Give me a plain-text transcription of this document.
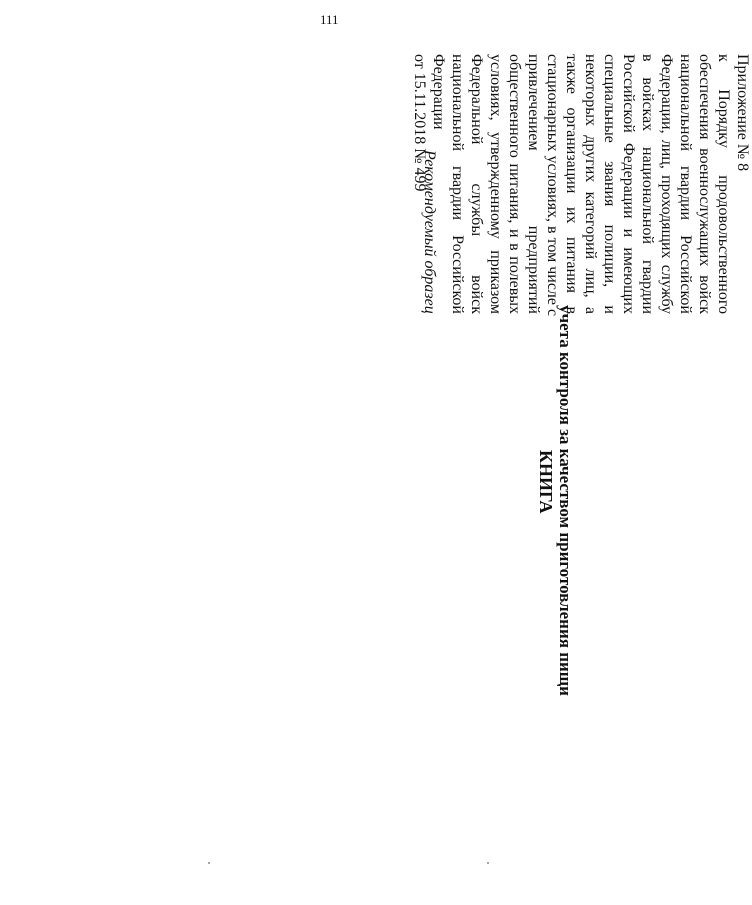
111
Приложение № 8
к Порядку продовольственного
обеспечения военнослужащих войск
национальной гвардии Российской
Федерации, лиц, проходящих службу
в войсках национальной гвардии
Российской Федерации и имеющих
специальные звания полиции, и
некоторых других категорий лиц, а
также организации их питания в
стационарных условиях, в том числе с
привлечением предприятий
общественного питания, и в полевых
условиях, утвержденному приказом
Федеральной службы войск
национальной гвардии Российской
Федерации
от 15.11.2018 № 499
Рекомендуемый образец
КНИГА учета контроля за качеством приготовления пищи
